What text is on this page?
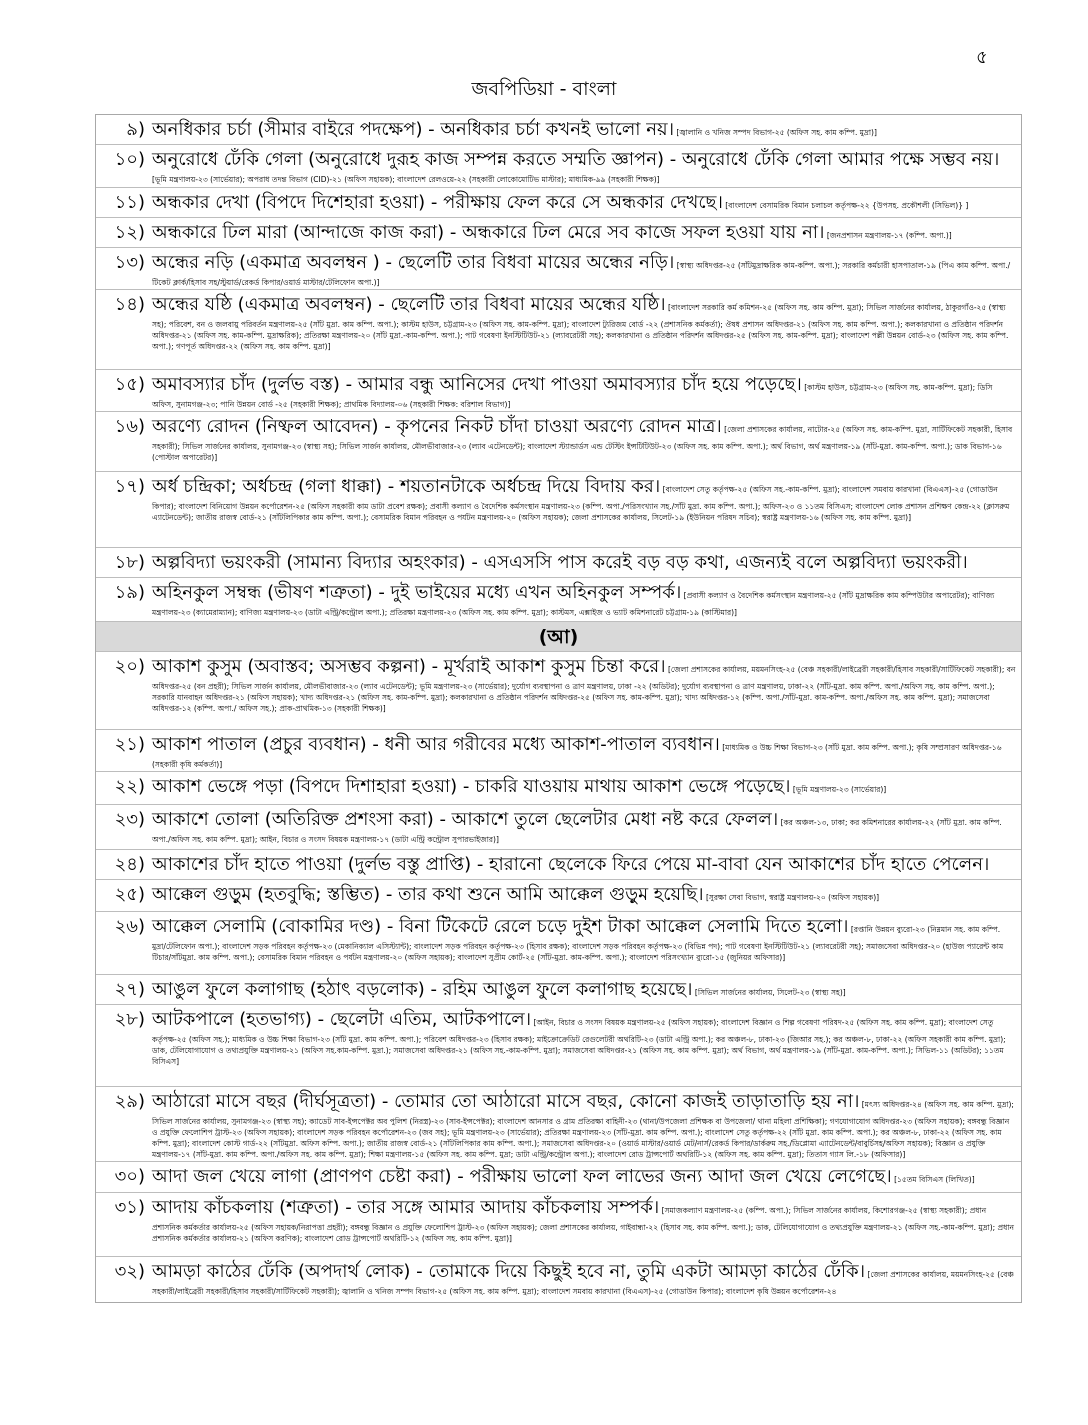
৫
জবপিডিয়া - বাংলা
৯) অনধিকার চর্চা (সীমার বাইরে পদক্ষেপ) - অনধিকার চর্চা কখনই ভালো নয়। [জ্বালানি ও খনিজ সম্পদ বিভাগ-২৫ (অফিস সহ. কাম কম্পি. মুদ্রা)]
১০) অনুরোধে ঢেঁকি গেলা (অনুরোধে দুরূহ কাজ সম্পন্ন করতে সম্মতি জ্ঞাপন) - অনুরোধে ঢেঁকি গেলা আমার পক্ষে সম্ভব নয়। [ভূমি মন্ত্রণালয়-২৩ (সার্ভেয়ার); অপরাধ তদন্ত বিভাগ (CID)-২১ (অফিস সহায়ক); বাংলাদেশ রেলওয়ে-২২ (সহকারী লোকোমোটিভ মাস্টার); মাধ্যমিক-৯৯ (সহকারী শিক্ষক)]
১১) অন্ধকার দেখা (বিপদে দিশেহারা হওয়া) - পরীক্ষায় ফেল করে সে অন্ধকার দেখছে। [বাংলাদেশ বেসামরিক বিমান চলাচল কর্তৃপক্ষ-২২ {উপসহ. প্রকৌশলী (সিভিল)} ]
১২) অন্ধকারে ঢিল মারা (আন্দাজে কাজ করা) - অন্ধকারে ঢিল মেরে সব কাজে সফল হওয়া যায় না। [জনপ্রশাসন মন্ত্রণালয়-১৭ (কম্পি. অপা.)]
১৩) অন্ধের নড়ি (একমাত্র অবলম্বন ) - ছেলেটি তার বিধবা মায়ের অন্ধের নড়ি। [স্বাস্থ্য অধিদপ্তর-২৫ (সাঁটমুদ্রাক্ষরিক কাম-কম্পি. অপা.); সরকারি কর্মচারী হাসপাতাল-১৯ (পিএ কাম কম্পি. অপা./টিকেট ক্লার্ক/হিসাব সহ/স্টুয়ার্ড/রেকর্ড কিপার/ওয়ার্ড মাস্টার/টেলিফোন অপা.)]
১৪) অন্ধের যষ্ঠি (একমাত্র অবলম্বন) - ছেলেটি তার বিধবা মায়ের অন্ধের যষ্ঠি। [বাংলাদেশ সরকারি কর্ম কমিশন-২৫ (অফিস সহ. কাম কম্পি. মুদ্রা); সিভিল সার্জনের কার্যালয়, ঠাকুরগাঁও-২৫ (স্বাস্থ্য সহ); পরিবেশ, বন ও জলবায়ু পরিবর্তন মন্ত্রণালয়-২৫ (সাঁট মুদ্রা. কাম কম্পি. অপা.); কাস্টম হাউস, চট্টগ্রাম-২৩ (অফিস সহ. কাম-কম্পি. মুদ্রা); বাংলাদেশ ট্যুরিজম বোর্ড -২২ (প্রশাসনিক কর্মকর্তা); ঔষধ প্রশাসন অধিদপ্তর-২১ (অফিস সহ. কাম কম্পি. অপা.); কলকারখানা ও প্রতিষ্ঠান পরিদর্শন অধিদপ্তর-২১ (অফিস সহ. কাম-কম্পি. মুদ্রাক্ষরিক); প্রতিরক্ষা মন্ত্রণালয়-২০ (সাঁট মুদ্রা.-কাম-কম্পি. অপা.); পাট গবেষণা ইনস্টিটিউট-২১ (ল্যাবরেটরী সহ); কলকারখানা ও প্রতিষ্ঠান পরিদর্শন অধিদপ্তর-২৫ (অফিস সহ. কাম-কম্পি. মুদ্রা); বাংলাদেশ পল্লী উন্নয়ন বোর্ড-২৩ (অফিস সহ. কাম কম্পি. অপা.); গণপূর্ত অধিদপ্তর-২২ (অফিস সহ. কাম কম্পি. মুদ্রা)]
১৫) অমাবস্যার চাঁদ (দুর্লভ বস্ত) - আমার বন্ধু আনিসের দেখা পাওয়া অমাবস্যার চাঁদ হয়ে পড়েছে। [কাস্টম হাউস, চট্টগ্রাম-২৩ (অফিস সহ. কাম-কম্পি. মুদ্রা); ডিসি অফিস, সুনামগঞ্জ-২৩; পানি উন্নয়ন বোর্ড -২৫ (সহকারী শিক্ষক); প্রাথমিক বিদ্যালয়-০৬ (সহকারী শিক্ষক: বরিশাল বিভাগ)]
১৬) অরণ্যে রোদন (নিষ্ফল আবেদন) - কৃপনের নিকট চাঁদা চাওয়া অরণ্যে রোদন মাত্র। [জেলা প্রশাসকের কার্যালয়, নাটোর-২৫ (অফিস সহ. কাম-কম্পি. মুদ্রা, সার্টিফিকেট সহকারী, হিসাব সহকারী); সিভিল সার্জনের কার্যালয়, সুনামগঞ্জ-২৩ (স্বাস্থ্য সহ); সিভিল সার্জন কার্যালয়, মৌলভীবাজার-২৩ (ল্যাব এটেনডেন্ট); বাংলাদেশ স্ট্যান্ডার্ডস এন্ড টেস্টিং ইন্সটিটিউট-২৩ (অফিস সহ. কাম কম্পি. অপা.); অর্থ বিভাগ, অর্থ মন্ত্রণালয়-১৯ (সাঁট-মুদ্রা. কাম-কম্পি. অপা.); ডাক বিভাগ-১৬ (পোস্টাল অপারেটর)]
১৭) অর্ধ চন্দ্রিকা; অর্ধচন্দ্র (গলা ধাক্কা) - শয়তানটাকে অর্ধচন্দ্র দিয়ে বিদায় কর। [বাংলাদেশ সেতু কর্তৃপক্ষ-২৫ (অফিস সহ.-কাম-কম্পি. মুদ্রা); বাংলাদেশ সমবায় কারখানা (বিএএস)-২৫ (গোডাউন কিপার); বাংলাদেশ বিনিয়োগ উন্নয়ন কর্পোরেশন-২৫ (অফিস সহকারী কাম ডাটা প্রবেশ রক্ষক); প্রবাসী কল্যাণ ও বৈদেশিক কর্মসংস্থান মন্ত্রণালয়-২৩ (কম্পি. অপা./পরিসংখ্যান সহ./সাঁট মুদ্রা. কাম কম্পি. অপা.); অফিস-২৩ ও ১১তম বিসিএস; বাংলাদেশ লোক প্রশাসন প্রশিক্ষণ কেন্দ্র-২২ (ক্লাসরুম এ্যাটেনডেন্ট); জাতীয় রাজস্ব বোর্ড-২১ (সাঁটলিপিকার কাম কম্পি. অপা.); বেসামরিক বিমান পরিবহন ও পর্যটন মন্ত্রণালয়-২০ (অফিস সহায়ক); জেলা প্রশাসকের কার্যালয়, সিলেট-১৯ (ইউনিয়ন পরিষদ সচিব); স্বরাষ্ট্র মন্ত্রণালয়-১৬ (অফিস সহ. কাম কম্পি. মুদ্রা)]
১৮) অল্পবিদ্যা ভয়ংকরী (সামান্য বিদ্যার অহংকার) - এসএসসি পাস করেই বড় বড় কথা, এজন্যই বলে অল্পবিদ্যা ভয়ংকরী।
১৯) অহিনকুল সম্বন্ধ (ভীষণ শত্রুতা) - দুই ভাইয়ের মধ্যে এখন অহিনকুল সম্পর্ক। [প্রবাসী কল্যাণ ও বৈদেশিক কর্মসংস্থান মন্ত্রণালয়-২৫ (সাঁট মুদ্রাক্ষরিক কাম কম্পিউটার অপারেটর); বাণিজ্য মন্ত্রণালয়-২৩ (ক্যামেরাম্যান); বাণিজ্য মন্ত্রণালয়-২৩ (ডাটা এন্ট্রি/কন্ট্রোল অপা.); প্রতিরক্ষা মন্ত্রণালয়-২৩ (অফিস সহ. কাম কম্পি. মুদ্রা); কাস্টমস, এক্সাইজ ও ভ্যাট কমিশনারেট চট্টগ্রাম-১৯ (কাস্টিমার)]
(আ)
২০) আকাশ কুসুম (অবাস্তব; অসম্ভব কল্পনা) - মূর্খরাই আকাশ কুসুম চিন্তা করে। [জেলা প্রশাসকের কার্যালয়, ময়মনসিংহ-২৫ (বেঞ্চ সহকারী/লাইব্রেরী সহকারী/হিসাব সহকারী/সার্টিফিকেট সহকারী); বন অধিদপ্তর-২৫ (বন প্রহরী); সিভিল সার্জন কার্যালয়, মৌলভীবাজার-২৩ (ল্যাব এটেনডেন্ট); ভূমি মন্ত্রণালয়-২৩ (সার্ভেয়ার); দুর্যোগ ব্যবস্থাপনা ও ত্রাণ মন্ত্রণালয়, ঢাকা -২২ (অডিটর); দুর্যোগ ব্যবস্থাপনা ও ত্রাণ মন্ত্রণালয়, ঢাকা-২২ (সাঁট-মুদ্রা. কাম কম্পি. অপা./অফিস সহ. কাম কম্পি. অপা.); সরকারি যানবাহন অধিদপ্তর-২১ (অফিস সহায়ক); খাদ্য অধিদপ্তর-২১ (অফিস সহ. কাম-কম্পি. মুদ্রা); কলকারখানা ও প্রতিষ্ঠান পরিদর্শন অধিদপ্তর-২৫ (অফিস সহ. কাম-কম্পি. মুদ্রা); খাদ্য অধিদপ্তর-১২ (কম্পি. অপা./সাঁট-মুদ্রা. কাম-কম্পি. অপা./অফিস সহ. কাম কম্পি. মুদ্রা); সমাজসেবা অধিদপ্তর-১২ (কম্পি. অপা./ অফিস সহ.); প্রাক-প্রাথমিক-১৩ (সহকারী শিক্ষক)]
২১) আকাশ পাতাল (প্রচুর ব্যবধান) - ধনী আর গরীবের মধ্যে আকাশ-পাতাল ব্যবধান। [মাধ্যমিক ও উচ্চ শিক্ষা বিভাগ-২৩ (সাঁট মুদ্রা. কাম কম্পি. অপা.); কৃষি সম্প্রসারণ অধিদপ্তর-১৬ (সহকারী কৃষি কর্মকর্তা)]
২২) আকাশ ভেঙ্গে পড়া (বিপদে দিশাহারা হওয়া) - চাকরি যাওয়ায় মাথায় আকাশ ভেঙ্গে পড়েছে। [ভূমি মন্ত্রণালয়-২৩ (সার্ভেয়ার)]
২৩) আকাশে তোলা (অতিরিক্ত প্রশংসা করা) - আকাশে তুলে ছেলেটার মেধা নষ্ট করে ফেলল। [কর অঞ্চল-১৩, ঢাকা; কর কমিশনারের কার্যালয়-২২ (সাঁট মুদ্রা. কাম কম্পি. অপা./অফিস সহ. কাম কম্পি. মুদ্রা); আইন, বিচার ও সংসদ বিষয়ক মন্ত্রণালয়-১৭ (ডাটা এন্ট্রি কন্ট্রোল সুপারভাইজার)]
২৪) আকাশের চাঁদ হাতে পাওয়া (দুর্লভ বস্তু প্রাপ্তি) - হারানো ছেলেকে ফিরে পেয়ে মা-বাবা যেন আকাশের চাঁদ হাতে পেলেন।
২৫) আক্কেল গুড়ুম (হতবুদ্ধি; স্তম্ভিত) - তার কথা শুনে আমি আক্কেল গুড়ুম হয়েছি। [সুরক্ষা সেবা বিভাগ, স্বরাষ্ট্র মন্ত্রণালয়-২০ (অফিস সহায়ক)]
২৬) আক্কেল সেলামি (বোকামির দণ্ড) - বিনা টিকেটে রেলে চড়ে দুইশ টাকা আক্কেল সেলামি দিতে হলো। [রপ্তানি উন্নয়ন ব্যুরো-২৩ (নিম্নমান সহ. কাম কম্পি. মুদ্রা/টেলিফোন অপা.); বাংলাদেশ সড়ক পরিবহন কর্তৃপক্ষ-২৩ (মেকানিক্যাল এসিস্ট্যান্ট); বাংলাদেশ সড়ক পরিবহন কর্তৃপক্ষ-২৩ (হিসাব রক্ষক); বাংলাদেশ সড়ক পরিবহন কর্তৃপক্ষ-২৩ (বিভিন্ন পদ); পাট গবেষণা ইনস্টিটিউট-২১ (ল্যাবরেটরী সহ); সমাজসেবা অধিদপ্তর-২০ (হাউজ প্যারেন্ট কাম টিচার/সাঁটমুদ্রা. কাম কম্পি. অপা.); বেসামরিক বিমান পরিবহন ও পর্যটন মন্ত্রণালয়-২০ (অফিস সহায়ক); বাংলাদেশ সুপ্রীম কোর্ট-২৫ (সাঁট-মুদ্রা. কাম-কম্পি. অপা.); বাংলাদেশ পরিসংখ্যান ব্যুরো-১৫ (জুনিয়র অফিসার)]
২৭) আঙুল ফুলে কলাগাছ (হঠাৎ বড়লোক) - রহিম আঙুল ফুলে কলাগাছ হয়েছে। [সিভিল সার্জনের কার্যালয়, সিলেট-২৩ (স্বাস্থ্য সহ)]
২৮) আটকপালে (হতভাগ্য) - ছেলেটা এতিম, আটকপালে। [আইন, বিচার ও সংসদ বিষয়ক মন্ত্রণালয়-২৫ (অফিস সহায়ক); বাংলাদেশ বিজ্ঞান ও শিল্প গবেষণা পরিষদ-২৫ (অফিস সহ. কাম কম্পি. মুদ্রা); বাংলাদেশ সেতু কর্তৃপক্ষ-২৫ (অফিস সহ.); মাধ্যমিক ও উচ্চ শিক্ষা বিভাগ-২৩ (সাঁট মুদ্রা. কাম কম্পি. অপা.); পরিবেশ অধিদপ্তর-২৩ (হিসাব রক্ষক); মাইক্রোক্রেডিট রেগুলেটরী অথরিটি-২৩ (ডাটা এন্ট্রি অপা.); কর অঞ্চল-৮, ঢাকা-২৩ (জিআর সহ.); কর অঞ্চল-৮, ঢাকা-২২ (অফিস সহকারী কাম কম্পি. মুদ্রা); ডাক, টেলিযোগাযোগ ও তথ্যপ্রযুক্তি মন্ত্রণালয়-২১ (অফিস সহ.কাম-কম্পি. মুদ্রা.); সমাজসেবা অধিদপ্তর-২১ (অফিস সহ.-কাম-কম্পি. মুদ্রা); সমাজসেবা অধিদপ্তর-২১ (অফিস সহ. কাম কম্পি. মুদ্রা); অর্থ বিভাগ, অর্থ মন্ত্রণালয়-১৯ (সাঁট-মুদ্রা. কাম-কম্পি. অপা.); সিভিল-১১ (অডিটর); ১১তম বিসিএস]
২৯) আঠারো মাসে বছর (দীর্ঘসূত্রতা) - তোমার তো আঠারো মাসে বছর, কোনো কাজই তাড়াতাড়ি হয় না। [মৎস্য অধিদপ্তর-২৪ (অফিস সহ. কাম কম্পি. মুদ্রা); সিভিল সার্জনের কার্যালয়, সুনামগঞ্জ-২৩ (স্বাস্থ্য সহ); ক্যাডেট সাব-ইন্সপেক্টর অব পুলিশ (নিরস্ত্র)-২৩ (সাব-ইন্সপেক্টর); বাংলাদেশ আনসার ও গ্রাম প্রতিরক্ষা বাহিনী-২৩ (থানা/উপজেলা প্রশিক্ষক বা উপজেলা/ থানা মহিলা প্রশিক্ষিকা); গণযোগাযোগ অধিদপ্তর-২৩ (অফিস সহায়ক); বঙ্গবন্ধু বিজ্ঞান ও প্রযুক্তি ফেলোশিপ ট্রাস্ট-২৩ (অফিস সহায়ক); বাংলাদেশ সড়ক পরিবহন কর্পোরেশন-২৩ (জব সহ); ভূমি মন্ত্রণালয়-২৩ (সার্ভেয়ার); প্রতিরক্ষা মন্ত্রণালয়-২৩ (সাঁট-মুদ্রা. কাম কম্পি. অপা.); বাংলাদেশ সেতু কর্তৃপক্ষ-২২ (সাঁট মুদ্রা. কাম কম্পি. অপা.); কর অঞ্চল-৮, ঢাকা-২২ (অফিস সহ. কাম কম্পি. মুদ্রা); বাংলাদেশ কোস্ট গার্ড-২২ (সাঁটমুদ্রা. অফিস কম্পি. অপা.); জাতীয় রাজস্ব বোর্ড-২১ (সাঁটলিপিকার কাম কম্পি. অপা.); সমাজসেবা অধিদপ্তর-২০ (ওয়ার্ড মাস্টার/ওয়ার্ড মেট/নার্স/রেকর্ড কিপার/ডার্করুম সহ./ডিপ্লোমা এ্যাটেনডেন্ট/বাবুর্চিসহ/অফিস সহায়ক); বিজ্ঞান ও প্রযুক্তি মন্ত্রণালয়-১৭ (সাঁট-মুদ্রা. কাম কম্পি. অপা./অফিস সহ. কাম কম্পি. মুদ্রা); শিক্ষা মন্ত্রণালয়-১৫ (অফিস সহ. কাম কম্পি. মুদ্রা; ডাটা এন্ট্রি/কন্ট্রোল অপা.); বাংলাদেশ রোড ট্রান্সপোর্ট অথরিটি-১২ (অফিস সহ. কাম কম্পি. মুদ্রা); তিতাস গ্যাস লি.-১৮ (অফিসার)]
৩০) আদা জল খেয়ে লাগা (প্রাণপণ চেষ্টা করা) - পরীক্ষায় ভালো ফল লাভের জন্য আদা জল খেয়ে লেগেছে। [১৫তম বিসিএস (লিখিত)]
৩১) আদায় কাঁচকলায় (শত্রুতা) - তার সঙ্গে আমার আদায় কাঁচকলায় সম্পর্ক। [সমাজকল্যাণ মন্ত্রণালয়-২৫ (কম্পি. অপা.); সিভিল সার্জনের কার্যালয়, কিশোরগঞ্জ-২৫ (স্বাস্থ্য সহকারী); প্রধান প্রশাসনিক কর্মকর্তার কার্যালয়-২৫ (অফিস সহায়ক/নিরাপত্তা প্রহরী); বঙ্গবন্ধু বিজ্ঞান ও প্রযুক্তি ফেলোশিপ ট্রাস্ট-২৩ (অফিস সহায়ক); জেলা প্রশাসকের কার্যালয়, গাইবান্ধা-২২ (হিসাব সহ. কাম কম্পি. অপা.); ডাক, টেলিযোগাযোগ ও তথ্যপ্রযুক্তি মন্ত্রণালয়-২১ (অফিস সহ.-কাম-কম্পি. মুদ্রা); প্রধান প্রশাসনিক কর্মকর্তার কার্যালয়-২১ (অফিস করণিক); বাংলাদেশ রোড ট্রান্সপোর্ট অথরিটি-১২ (অফিস সহ. কাম কম্পি. মুদ্রা)]
৩২) আমড়া কাঠের ঢেঁকি (অপদার্থ লোক) - তোমাকে দিয়ে কিছুই হবে না, তুমি একটা আমড়া কাঠের ঢেঁকি। [জেলা প্রশাসকের কার্যালয়, ময়মনসিংহ-২৫ (বেঞ্চ সহকারী/লাইব্রেরী সহকারী/হিসাব সহকারী/সার্টিফিকেট সহকারী); জ্বালানি ও খনিজ সম্পদ বিভাগ-২৫ (অফিস সহ. কাম কম্পি. মুদ্রা); বাংলাদেশ সমবায় কারখানা (বিএএস)-২৫ (গোডাউন কিপার); বাংলাদেশ কৃষি উন্নয়ন কর্পোরেশন-২৪
